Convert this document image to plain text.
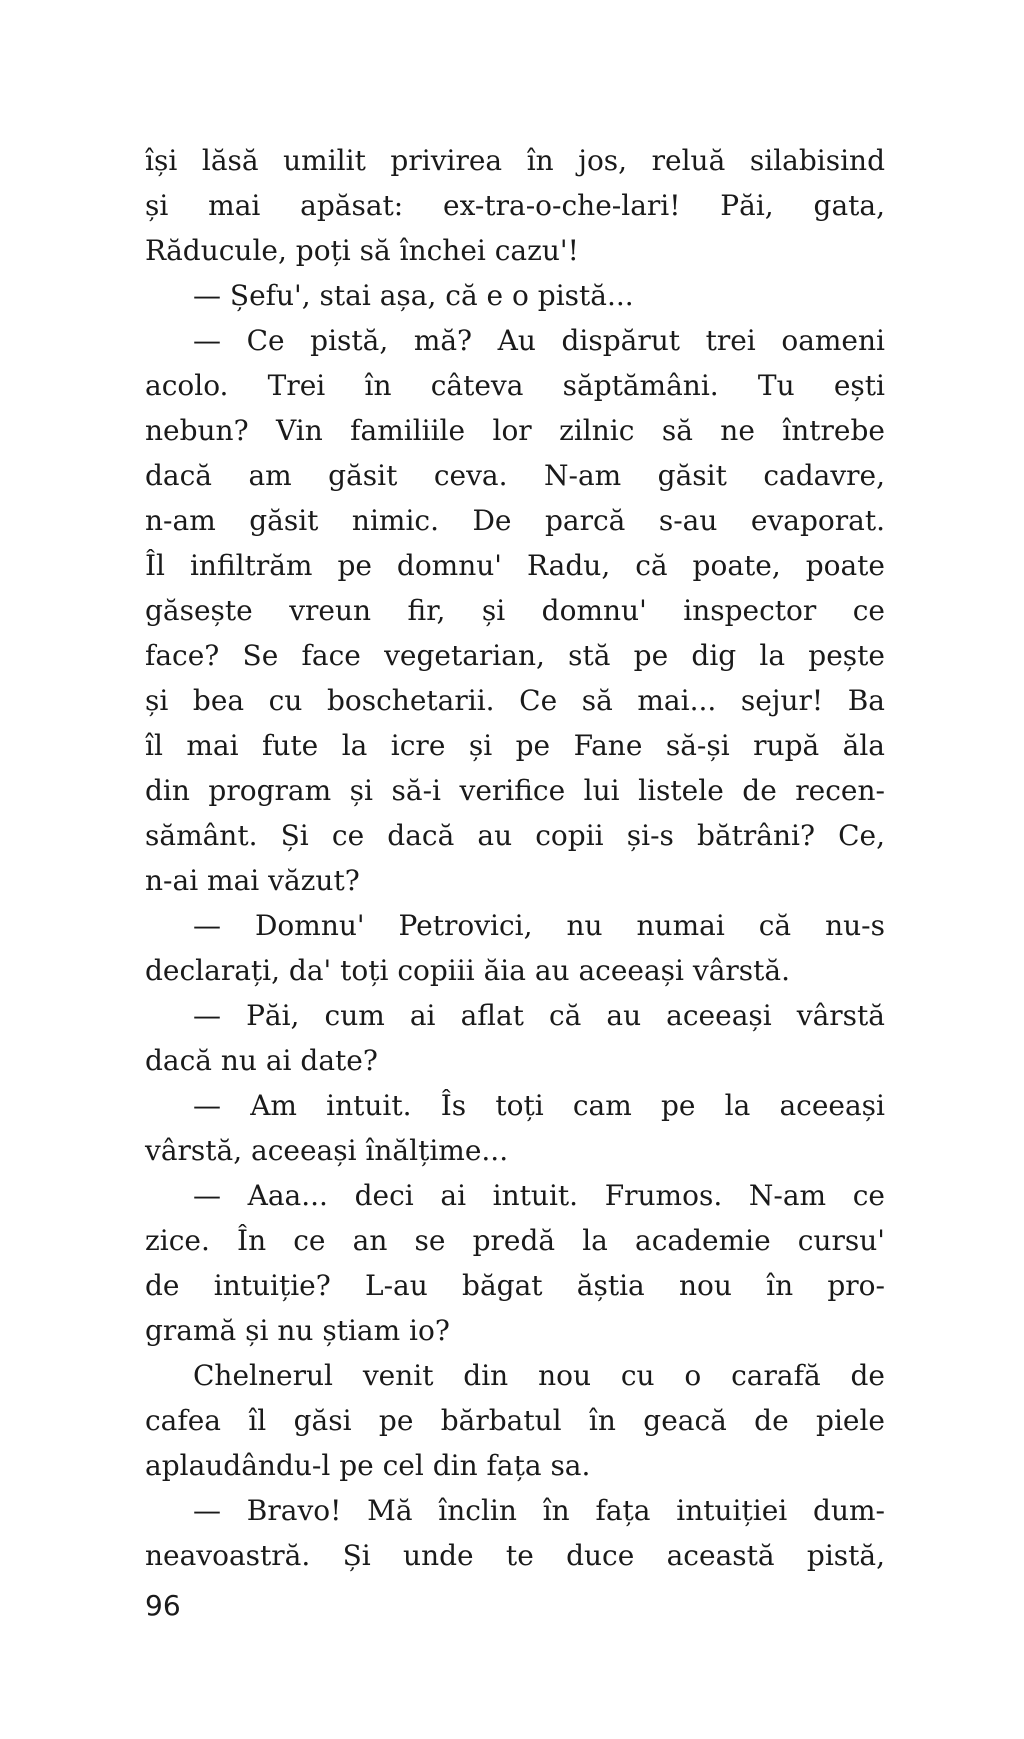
își lăsă umilit privirea în jos, reluă silabisind
și mai apăsat: ex-tra-o-che-lari! Păi, gata,
Răducule, poți să închei cazu'!
— Șefu', stai așa, că e o pistă...
— Ce pistă, mă? Au dispărut trei oameni
acolo. Trei în câteva săptămâni. Tu ești
nebun? Vin familiile lor zilnic să ne întrebe
dacă am găsit ceva. N-am găsit cadavre,
n-am găsit nimic. De parcă s-au evaporat.
Îl infiltrăm pe domnu' Radu, că poate, poate
găsește vreun fir, și domnu' inspector ce
face? Se face vegetarian, stă pe dig la pește
și bea cu boschetarii. Ce să mai... sejur! Ba
îl mai fute la icre și pe Fane să-și rupă ăla
din program și să-i verifice lui listele de recen-
sământ. Și ce dacă au copii și-s bătrâni? Ce,
n-ai mai văzut?
— Domnu' Petrovici, nu numai că nu-s
declarați, da' toți copiii ăia au aceeași vârstă.
— Păi, cum ai aflat că au aceeași vârstă
dacă nu ai date?
— Am intuit. Îs toți cam pe la aceeași
vârstă, aceeași înălțime...
— Aaa... deci ai intuit. Frumos. N-am ce
zice. În ce an se predă la academie cursu'
de intuiție? L-au băgat ăștia nou în pro-
gramă și nu știam io?
Chelnerul venit din nou cu o carafă de
cafea îl găsi pe bărbatul în geacă de piele
aplaudându-l pe cel din fața sa.
— Bravo! Mă înclin în fața intuiției dum-
neavoastră. Și unde te duce această pistă,
96
